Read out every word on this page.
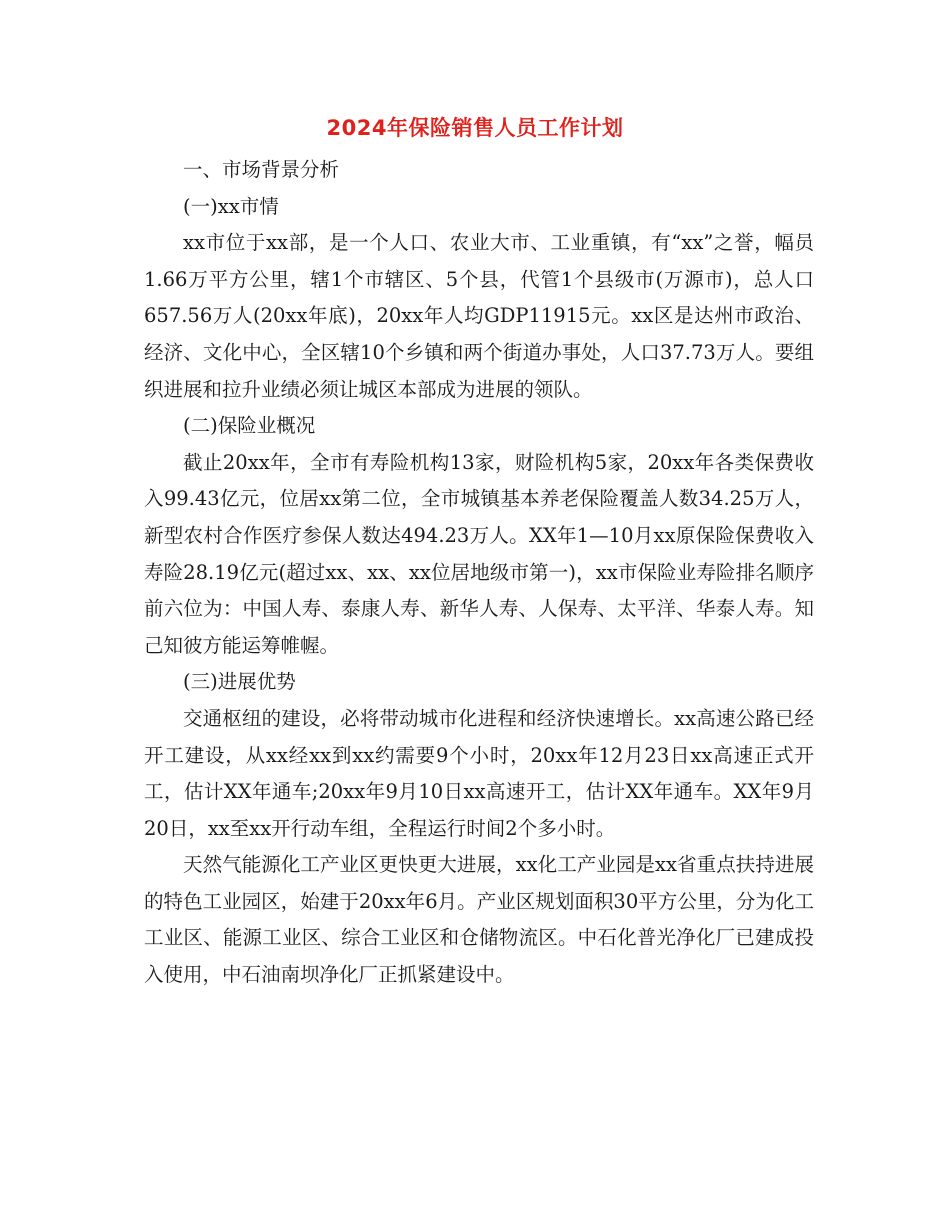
2024年保险销售人员工作计划

一、市场背景分析

(一)xx市情

xx市位于xx部，是一个人口、农业大市、工业重镇，有“xx”之誉，幅员1.66万平方公里，辖1个市辖区、5个县，代管1个县级市(万源市)，总人口657.56万人(20xx年底)，20xx年人均GDP11915元。xx区是达州市政治、经济、文化中心，全区辖10个乡镇和两个街道办事处，人口37.73万人。要组织进展和拉升业绩必须让城区本部成为进展的领队。

(二)保险业概况

截止20xx年，全市有寿险机构13家，财险机构5家，20xx年各类保费收入99.43亿元，位居xx第二位，全市城镇基本养老保险覆盖人数34.25万人，新型农村合作医疗参保人数达494.23万人。XX年1—10月xx原保险保费收入寿险28.19亿元(超过xx、xx、xx位居地级市第一)，xx市保险业寿险排名顺序前六位为：中国人寿、泰康人寿、新华人寿、人保寿、太平洋、华泰人寿。知己知彼方能运筹帷幄。

(三)进展优势

交通枢纽的建设，必将带动城市化进程和经济快速增长。xx高速公路已经开工建设，从xx经xx到xx约需要9个小时，20xx年12月23日xx高速正式开工，估计XX年通车;20xx年9月10日xx高速开工，估计XX年通车。XX年9月20日，xx至xx开行动车组，全程运行时间2个多小时。

天然气能源化工产业区更快更大进展，xx化工产业园是xx省重点扶持进展的特色工业园区，始建于20xx年6月。产业区规划面积30平方公里，分为化工工业区、能源工业区、综合工业区和仓储物流区。中石化普光净化厂已建成投入使用，中石油南坝净化厂正抓紧建设中。
